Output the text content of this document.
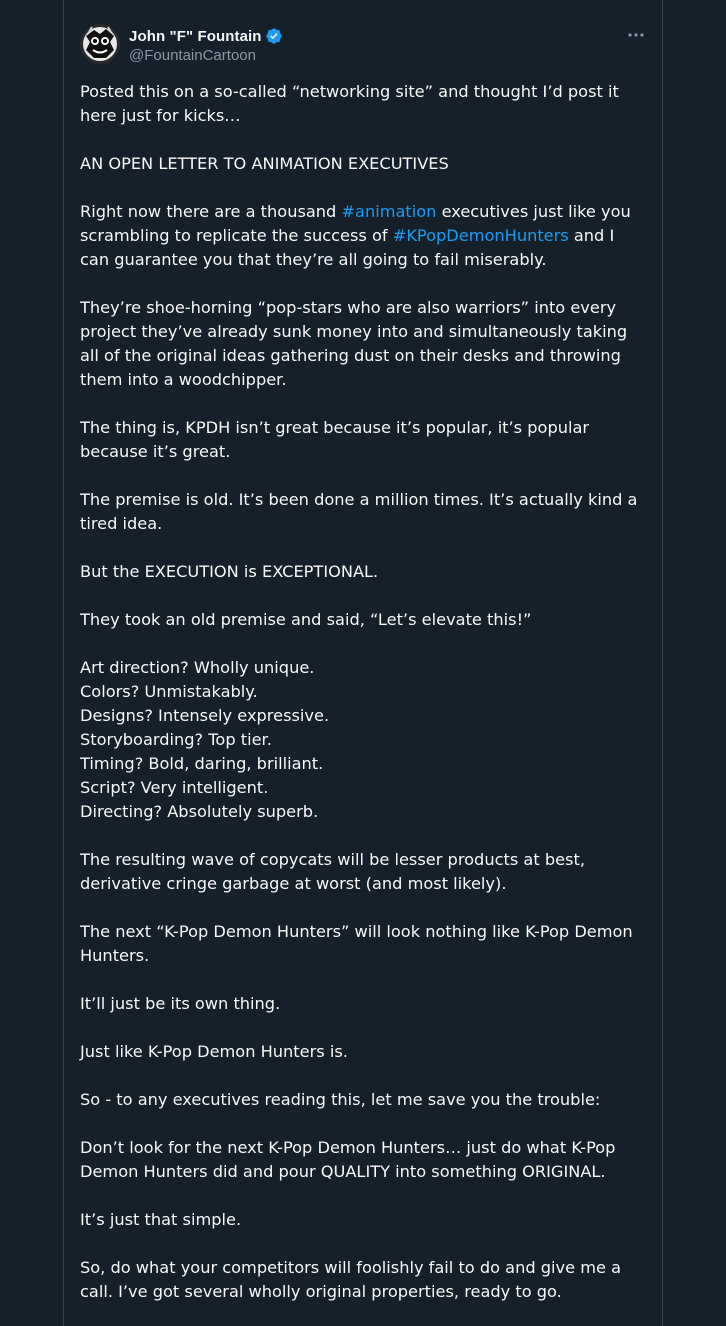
John "F" Fountain
@FountainCartoon

Posted this on a so-called “networking site” and thought I’d post it here just for kicks…

AN OPEN LETTER TO ANIMATION EXECUTIVES

Right now there are a thousand #animation executives just like you scrambling to replicate the success of #KPopDemonHunters and I can guarantee you that they’re all going to fail miserably.

They’re shoe-horning “pop-stars who are also warriors” into every project they’ve already sunk money into and simultaneously taking all of the original ideas gathering dust on their desks and throwing them into a woodchipper.

The thing is, KPDH isn’t great because it’s popular, it’s popular because it’s great.

The premise is old. It’s been done a million times. It’s actually kind a tired idea.

But the EXECUTION is EXCEPTIONAL.

They took an old premise and said, “Let’s elevate this!”

Art direction? Wholly unique.
Colors? Unmistakably.
Designs? Intensely expressive.
Storyboarding? Top tier.
Timing? Bold, daring, brilliant.
Script? Very intelligent.
Directing? Absolutely superb.

The resulting wave of copycats will be lesser products at best, derivative cringe garbage at worst (and most likely).

The next “K-Pop Demon Hunters” will look nothing like K-Pop Demon Hunters.

It’ll just be its own thing.

Just like K-Pop Demon Hunters is.

So - to any executives reading this, let me save you the trouble:

Don’t look for the next K-Pop Demon Hunters… just do what K-Pop Demon Hunters did and pour QUALITY into something ORIGINAL.

It’s just that simple.

So, do what your competitors will foolishly fail to do and give me a call. I’ve got several wholly original properties, ready to go.
